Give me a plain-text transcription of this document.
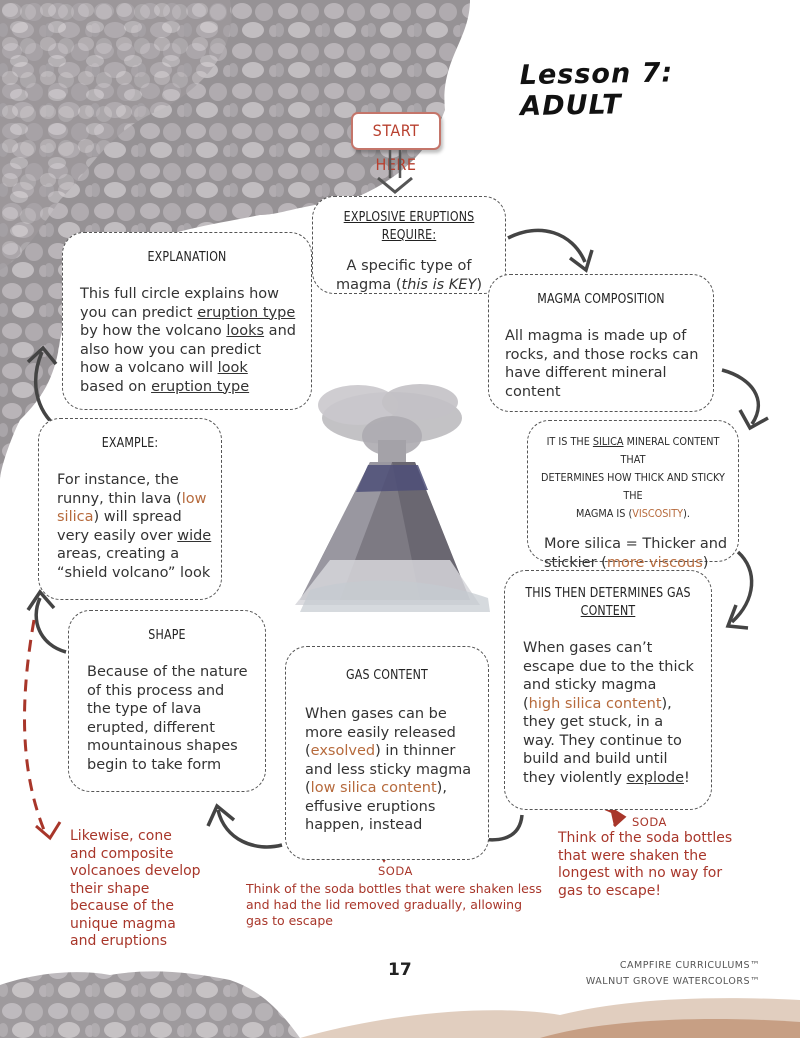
Lesson 7: ADULT
START HERE
EXPLOSIVE ERUPTIONS REQUIRE:
A specific type of
magma (this is KEY)
EXPLANATION
This full circle explains how
you can predict eruption type
by how the volcano looks and
also how you can predict
how a volcano will look
based on eruption type
MAGMA COMPOSITION
All magma is made up of
rocks, and those rocks can
have different mineral
content
IT IS THE SILICA MINERAL CONTENT THAT
DETERMINES HOW THICK AND STICKY THE
MAGMA IS (VISCOSITY).
More silica = Thicker and
stickier (more viscous)
EXAMPLE:
For instance, the
runny, thin lava (low
silica) will spread
very easily over wide
areas, creating a
“shield volcano” look
THIS THEN DETERMINES GAS
CONTENT
When gases can’t
escape due to the thick
and sticky magma
(high silica content),
they get stuck, in a
way. They continue to
build and build until
they violently explode!
SHAPE
Because of the nature
of this process and
the type of lava
erupted, different
mountainous shapes
begin to take form
GAS CONTENT
When gases can be
more easily released
(exsolved) in thinner
and less sticky magma
(low silica content),
effusive eruptions
happen, instead
Likewise, cone
and composite
volcanoes develop
their shape
because of the
unique magma
and eruptions
SODA
Think of the soda bottles
that were shaken the
longest with no way for
gas to escape!
SODA
Think of the soda bottles that were shaken less
and had the lid removed gradually, allowing
gas to escape
17	CAMPFIRE CURRICULUMS™
WALNUT GROVE WATERCOLORS™
